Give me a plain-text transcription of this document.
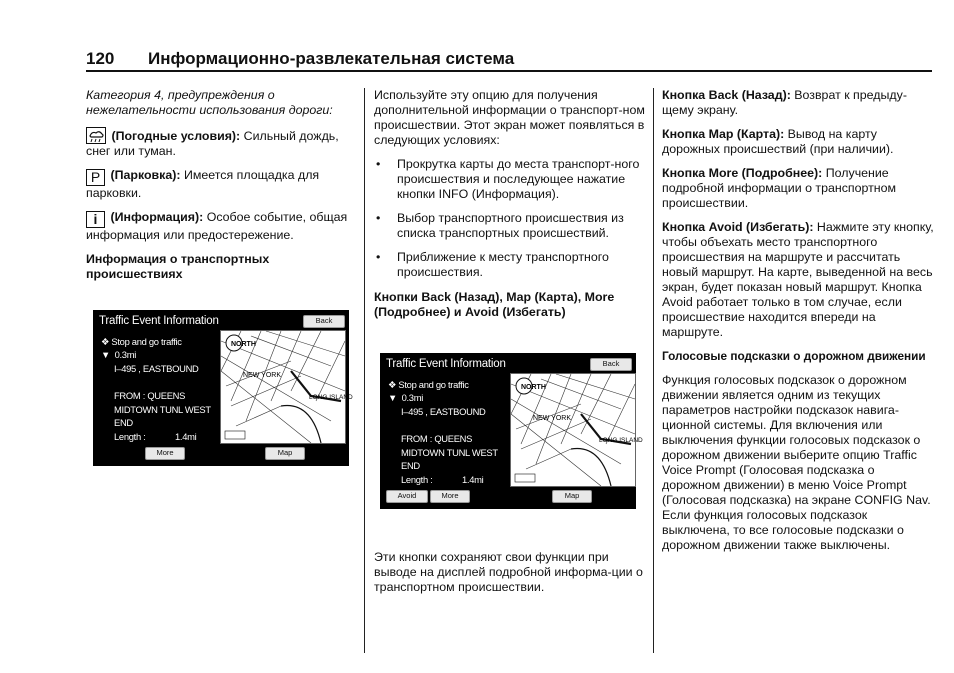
120 Информационно-развлекательная система

Категория 4, предупреждения о нежелательности использования дороги:

(Погодные условия): Сильный дождь, снег или туман.

P (Парковка): Имеется площадка для парковки.

i (Информация): Особое событие, общая информация или предостережение.

Информация о транспортных происшествиях

Traffic Event Information	Back
❖ Stop and go traffic
▼  0.3mi
I–495 , EASTBOUND
FROM : QUEENS
MIDTOWN TUNL WEST
END
Length :	1.4mi
More
NORTH
NEW YORK
LONG ISLAND
Map

Используйте эту опцию для получения дополнительной информации о транспорт-ном происшествии. Этот экран может появляться в следующих условиях:

• Прокрутка карты до места транспорт-ного происшествия и последующее нажатие кнопки INFO (Информация).
• Выбор транспортного происшествия из списка транспортных происшествий.
• Приближение к месту транспортного происшествия.

Кнопки Back (Назад), Map (Карта), More (Подробнее) и Avoid (Избегать)

Traffic Event Information	Back
❖ Stop and go traffic
▼  0.3mi
I–495 , EASTBOUND
FROM : QUEENS
MIDTOWN TUNL WEST
END
Length :	1.4mi
Avoid	More
NORTH
NEW YORK
LONG ISLAND
Map

Эти кнопки сохраняют свои функции при выводе на дисплей подробной информа-ции о транспортном происшествии.

Кнопка Back (Назад): Возврат к предыду-щему экрану.

Кнопка Map (Карта): Вывод на карту дорожных происшествий (при наличии).

Кнопка More (Подробнее): Получение подробной информации о транспортном происшествии.

Кнопка Avoid (Избегать): Нажмите эту кнопку, чтобы объехать место транспортного происшествия на маршруте и рассчитать новый маршрут. На карте, выведенной на весь экран, будет показан новый маршрут. Кнопка Avoid работает только в том случае, если происшествие находится впереди на маршруте.

Голосовые подсказки о дорожном движении

Функция голосовых подсказок о дорожном движении является одним из текущих параметров настройки подсказок навига-ционной системы. Для включения или выключения функции голосовых подсказок о дорожном движении выберите опцию Traffic Voice Prompt (Голосовая подсказка о дорожном движении) в меню Voice Prompt (Голосовая подсказка) на экране CONFIG Nav. Если функция голосовых подсказок выключена, то все голосовые подсказки о дорожном движении также выключены.
